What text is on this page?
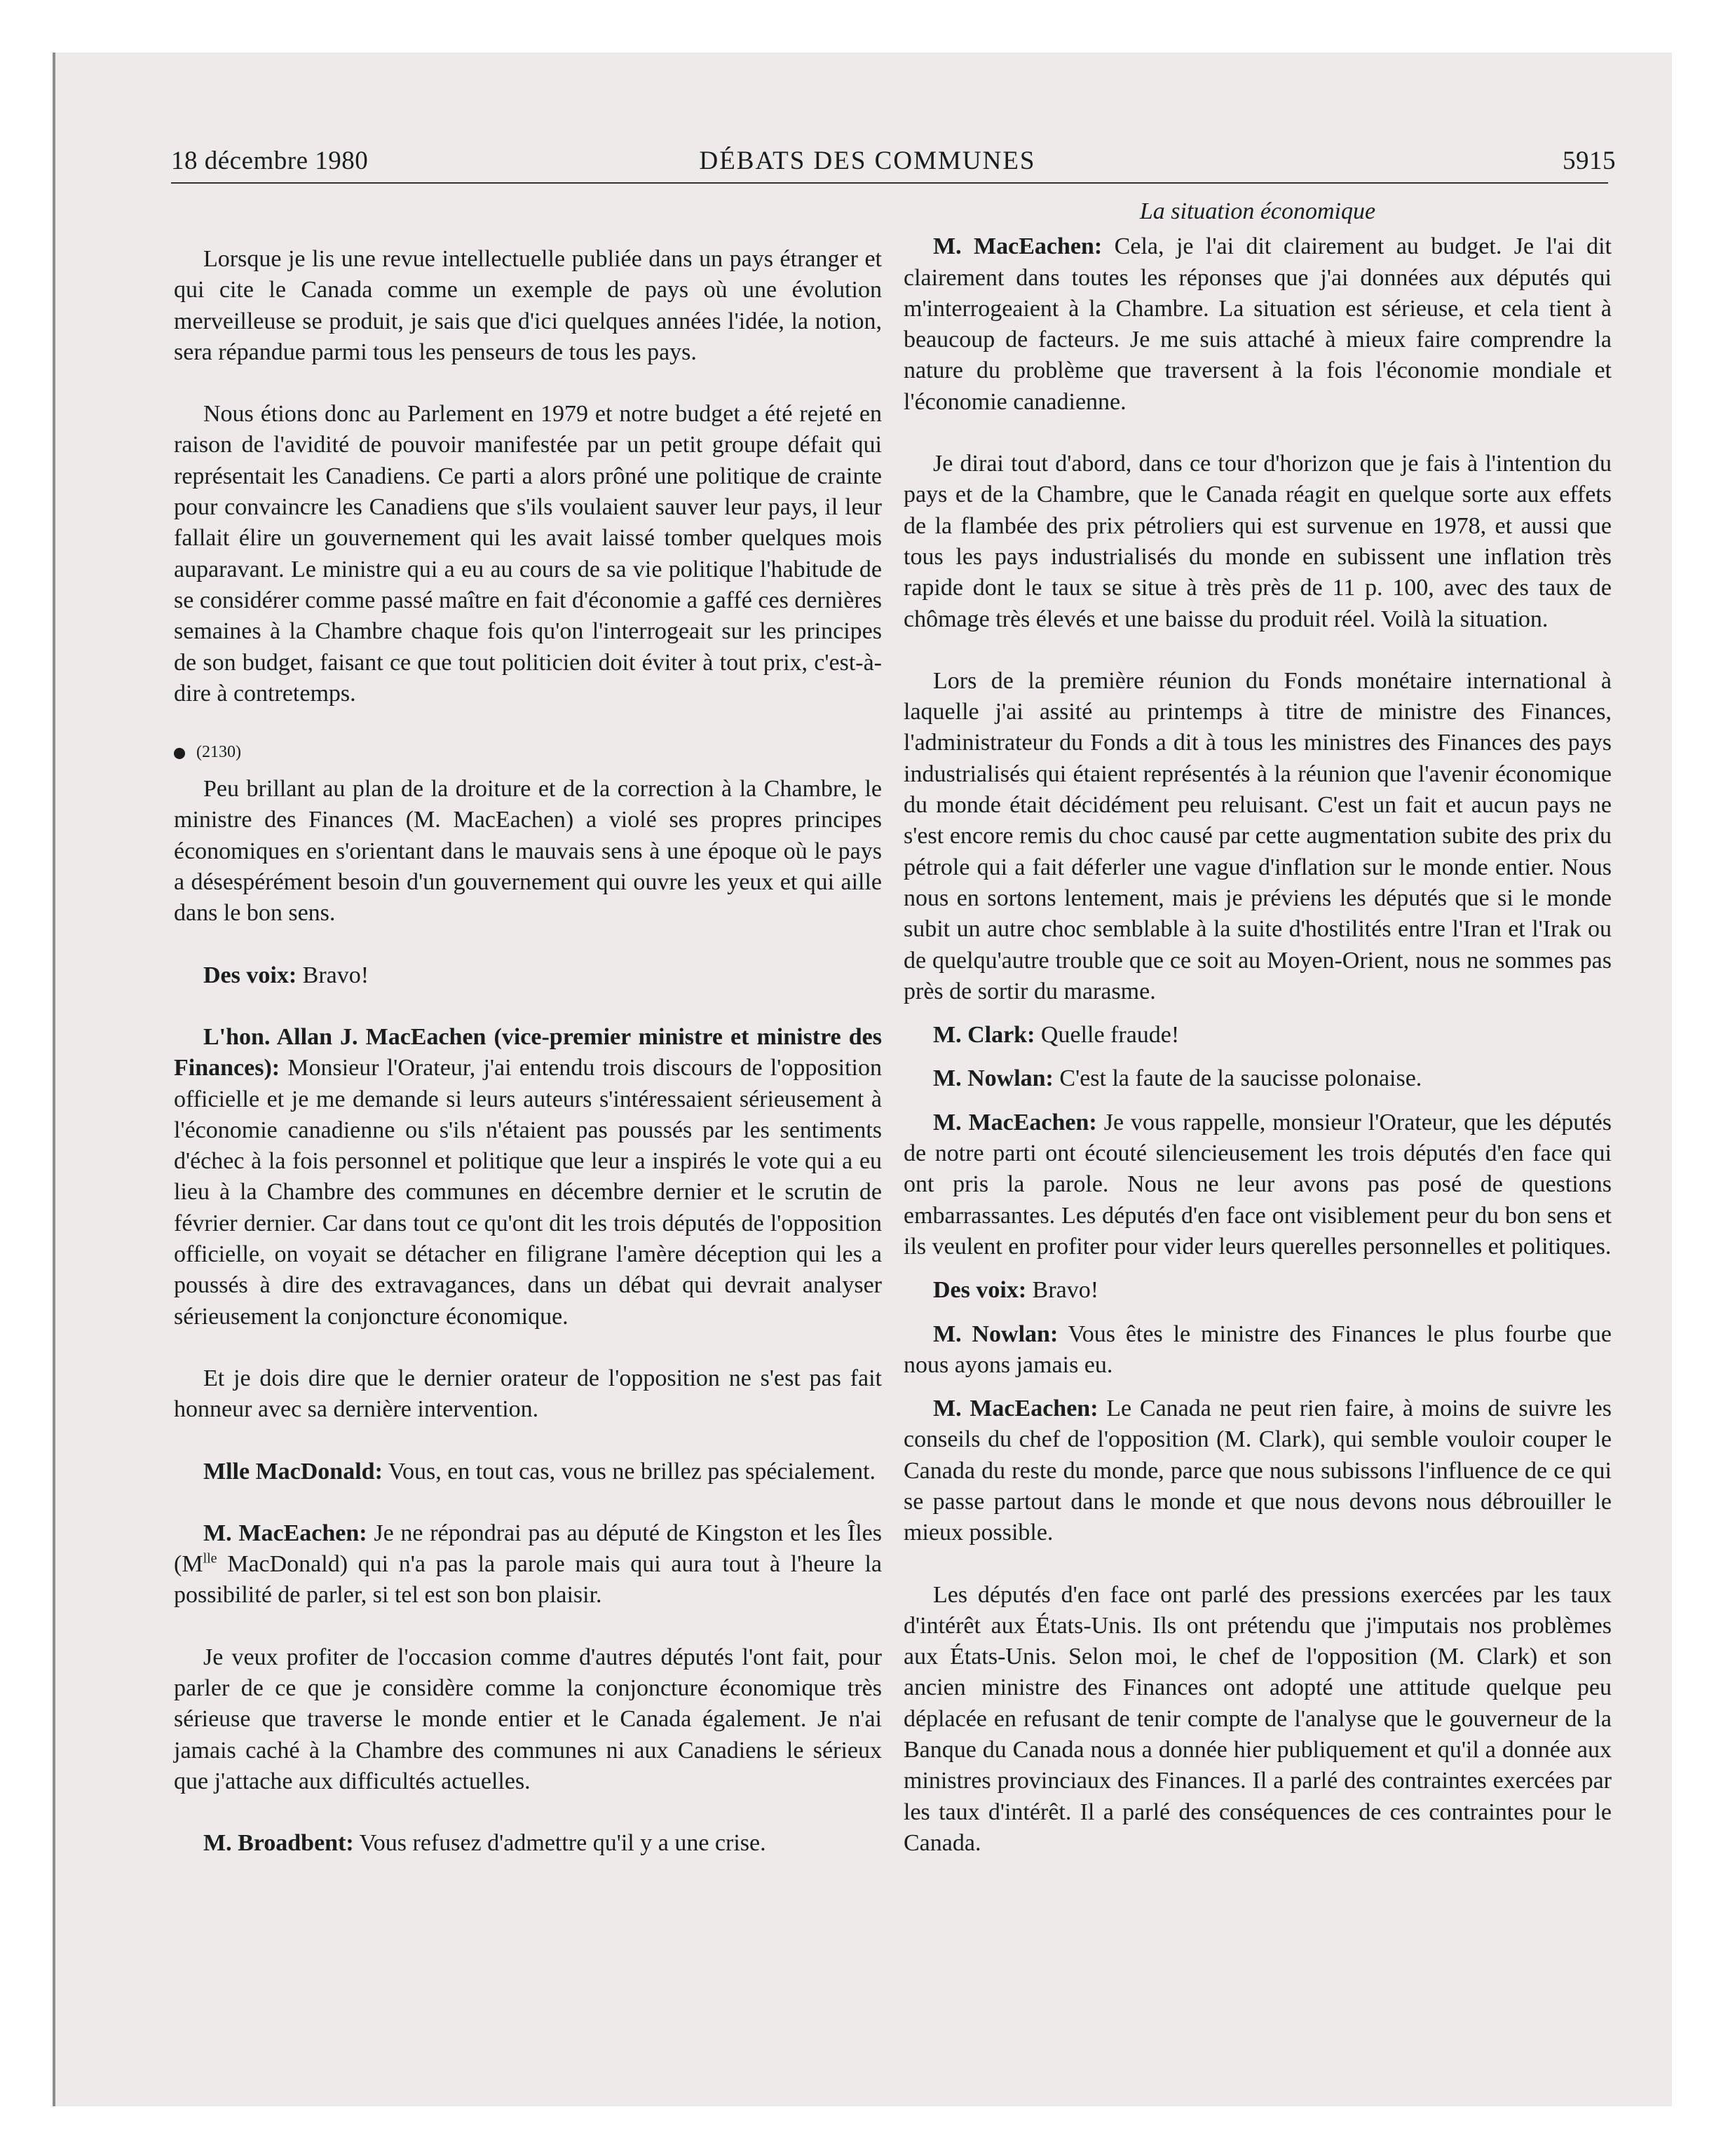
18 décembre 1980	DÉBATS DES COMMUNES	5915

Lorsque je lis une revue intellectuelle publiée dans un pays étranger et qui cite le Canada comme un exemple de pays où une évolution merveilleuse se produit, je sais que d'ici quelques années l'idée, la notion, sera répandue parmi tous les penseurs de tous les pays.

Nous étions donc au Parlement en 1979 et notre budget a été rejeté en raison de l'avidité de pouvoir manifestée par un petit groupe défait qui représentait les Canadiens. Ce parti a alors prôné une politique de crainte pour convaincre les Canadiens que s'ils voulaient sauver leur pays, il leur fallait élire un gouvernement qui les avait laissé tomber quelques mois auparavant. Le ministre qui a eu au cours de sa vie politique l'habitude de se considérer comme passé maître en fait d'économie a gaffé ces dernières semaines à la Chambre chaque fois qu'on l'interrogeait sur les principes de son budget, faisant ce que tout politicien doit éviter à tout prix, c'est-à-dire à contretemps.

(2130)

Peu brillant au plan de la droiture et de la correction à la Chambre, le ministre des Finances (M. MacEachen) a violé ses propres principes économiques en s'orientant dans le mauvais sens à une époque où le pays a désespérément besoin d'un gouvernement qui ouvre les yeux et qui aille dans le bon sens.

Des voix: Bravo!

L'hon. Allan J. MacEachen (vice-premier ministre et ministre des Finances): Monsieur l'Orateur, j'ai entendu trois discours de l'opposition officielle et je me demande si leurs auteurs s'intéressaient sérieusement à l'économie canadienne ou s'ils n'étaient pas poussés par les sentiments d'échec à la fois personnel et politique que leur a inspirés le vote qui a eu lieu à la Chambre des communes en décembre dernier et le scrutin de février dernier. Car dans tout ce qu'ont dit les trois députés de l'opposition officielle, on voyait se détacher en filigrane l'amère déception qui les a poussés à dire des extravagances, dans un débat qui devrait analyser sérieusement la conjoncture économique.

Et je dois dire que le dernier orateur de l'opposition ne s'est pas fait honneur avec sa dernière intervention.

Mlle MacDonald: Vous, en tout cas, vous ne brillez pas spécialement.

M. MacEachen: Je ne répondrai pas au député de Kingston et les Îles ($M^{lle}$ MacDonald) qui n'a pas la parole mais qui aura tout à l'heure la possibilité de parler, si tel est son bon plaisir.

Je veux profiter de l'occasion comme d'autres députés l'ont fait, pour parler de ce que je considère comme la conjoncture économique très sérieuse que traverse le monde entier et le Canada également. Je n'ai jamais caché à la Chambre des communes ni aux Canadiens le sérieux que j'attache aux difficultés actuelles.

M. Broadbent: Vous refusez d'admettre qu'il y a une crise.

La situation économique

M. MacEachen: Cela, je l'ai dit clairement au budget. Je l'ai dit clairement dans toutes les réponses que j'ai données aux députés qui m'interrogeaient à la Chambre. La situation est sérieuse, et cela tient à beaucoup de facteurs. Je me suis attaché à mieux faire comprendre la nature du problème que traversent à la fois l'économie mondiale et l'économie canadienne.

Je dirai tout d'abord, dans ce tour d'horizon que je fais à l'intention du pays et de la Chambre, que le Canada réagit en quelque sorte aux effets de la flambée des prix pétroliers qui est survenue en 1978, et aussi que tous les pays industrialisés du monde en subissent une inflation très rapide dont le taux se situe à très près de 11 p. 100, avec des taux de chômage très élevés et une baisse du produit réel. Voilà la situation.

Lors de la première réunion du Fonds monétaire international à laquelle j'ai assité au printemps à titre de ministre des Finances, l'administrateur du Fonds a dit à tous les ministres des Finances des pays industrialisés qui étaient représentés à la réunion que l'avenir économique du monde était décidément peu reluisant. C'est un fait et aucun pays ne s'est encore remis du choc causé par cette augmentation subite des prix du pétrole qui a fait déferler une vague d'inflation sur le monde entier. Nous nous en sortons lentement, mais je préviens les députés que si le monde subit un autre choc semblable à la suite d'hostilités entre l'Iran et l'Irak ou de quelqu'autre trouble que ce soit au Moyen-Orient, nous ne sommes pas près de sortir du marasme.

M. Clark: Quelle fraude!

M. Nowlan: C'est la faute de la saucisse polonaise.

M. MacEachen: Je vous rappelle, monsieur l'Orateur, que les députés de notre parti ont écouté silencieusement les trois députés d'en face qui ont pris la parole. Nous ne leur avons pas posé de questions embarrassantes. Les députés d'en face ont visiblement peur du bon sens et ils veulent en profiter pour vider leurs querelles personnelles et politiques.

Des voix: Bravo!

M. Nowlan: Vous êtes le ministre des Finances le plus fourbe que nous ayons jamais eu.

M. MacEachen: Le Canada ne peut rien faire, à moins de suivre les conseils du chef de l'opposition (M. Clark), qui semble vouloir couper le Canada du reste du monde, parce que nous subissons l'influence de ce qui se passe partout dans le monde et que nous devons nous débrouiller le mieux possible.

Les députés d'en face ont parlé des pressions exercées par les taux d'intérêt aux États-Unis. Ils ont prétendu que j'imputais nos problèmes aux États-Unis. Selon moi, le chef de l'opposition (M. Clark) et son ancien ministre des Finances ont adopté une attitude quelque peu déplacée en refusant de tenir compte de l'analyse que le gouverneur de la Banque du Canada nous a donnée hier publiquement et qu'il a donnée aux ministres provinciaux des Finances. Il a parlé des contraintes exercées par les taux d'intérêt. Il a parlé des conséquences de ces contraintes pour le Canada.
